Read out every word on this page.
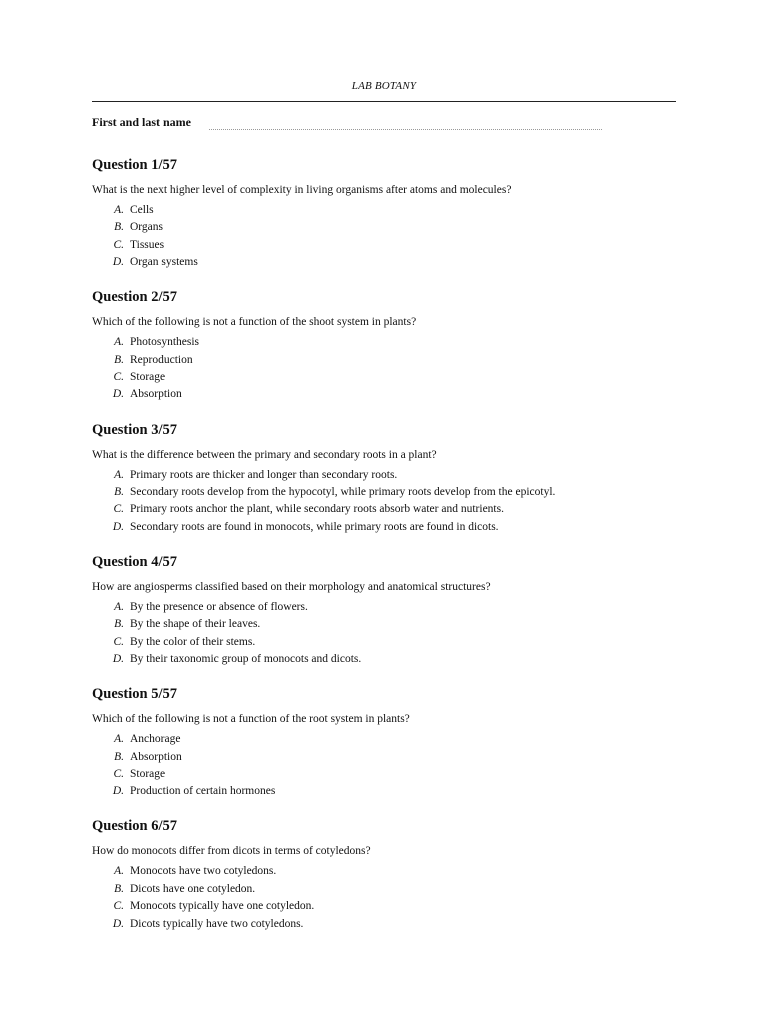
LAB BOTANY
First and last name
Question 1/57
What is the next higher level of complexity in living organisms after atoms and molecules?
A. Cells
B. Organs
C. Tissues
D. Organ systems
Question 2/57
Which of the following is not a function of the shoot system in plants?
A. Photosynthesis
B. Reproduction
C. Storage
D. Absorption
Question 3/57
What is the difference between the primary and secondary roots in a plant?
A. Primary roots are thicker and longer than secondary roots.
B. Secondary roots develop from the hypocotyl, while primary roots develop from the epicotyl.
C. Primary roots anchor the plant, while secondary roots absorb water and nutrients.
D. Secondary roots are found in monocots, while primary roots are found in dicots.
Question 4/57
How are angiosperms classified based on their morphology and anatomical structures?
A. By the presence or absence of flowers.
B. By the shape of their leaves.
C. By the color of their stems.
D. By their taxonomic group of monocots and dicots.
Question 5/57
Which of the following is not a function of the root system in plants?
A. Anchorage
B. Absorption
C. Storage
D. Production of certain hormones
Question 6/57
How do monocots differ from dicots in terms of cotyledons?
A. Monocots have two cotyledons.
B. Dicots have one cotyledon.
C. Monocots typically have one cotyledon.
D. Dicots typically have two cotyledons.
